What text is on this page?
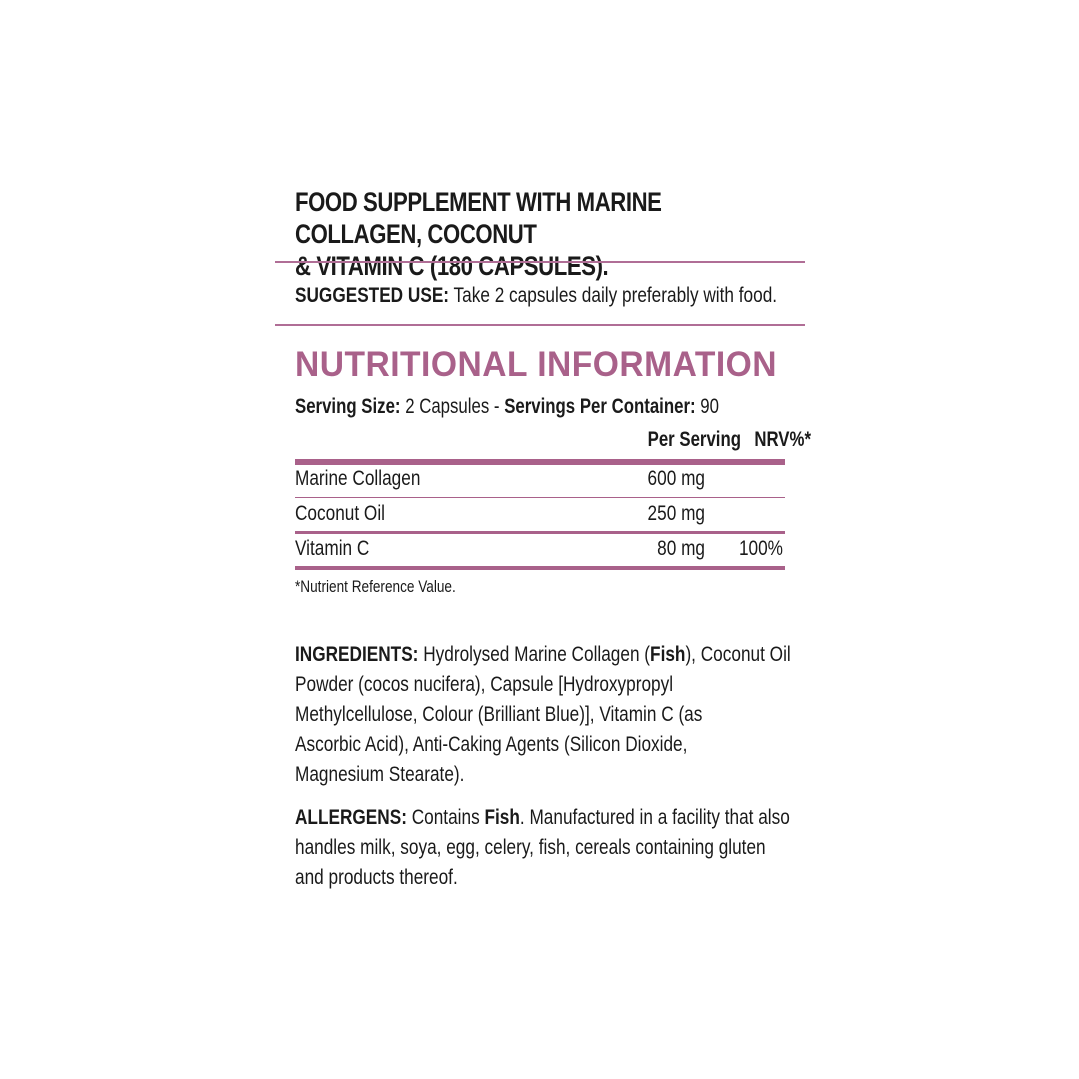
FOOD SUPPLEMENT WITH MARINE COLLAGEN, COCONUT
& VITAMIN C (180 CAPSULES).
SUGGESTED USE: Take 2 capsules daily preferably with food.
NUTRITIONAL INFORMATION
Serving Size: 2 Capsules - Servings Per Container: 90
Per Serving NRV%*
Marine Collagen	600 mg
Coconut Oil	250 mg
Vitamin C	80 mg	100%
*Nutrient Reference Value.
INGREDIENTS: Hydrolysed Marine Collagen (Fish), Coconut Oil
Powder (cocos nucifera), Capsule [Hydroxypropyl
Methylcellulose, Colour (Brilliant Blue)], Vitamin C (as
Ascorbic Acid), Anti-Caking Agents (Silicon Dioxide,
Magnesium Stearate).
ALLERGENS: Contains Fish. Manufactured in a facility that also
handles milk, soya, egg, celery, fish, cereals containing gluten
and products thereof.
